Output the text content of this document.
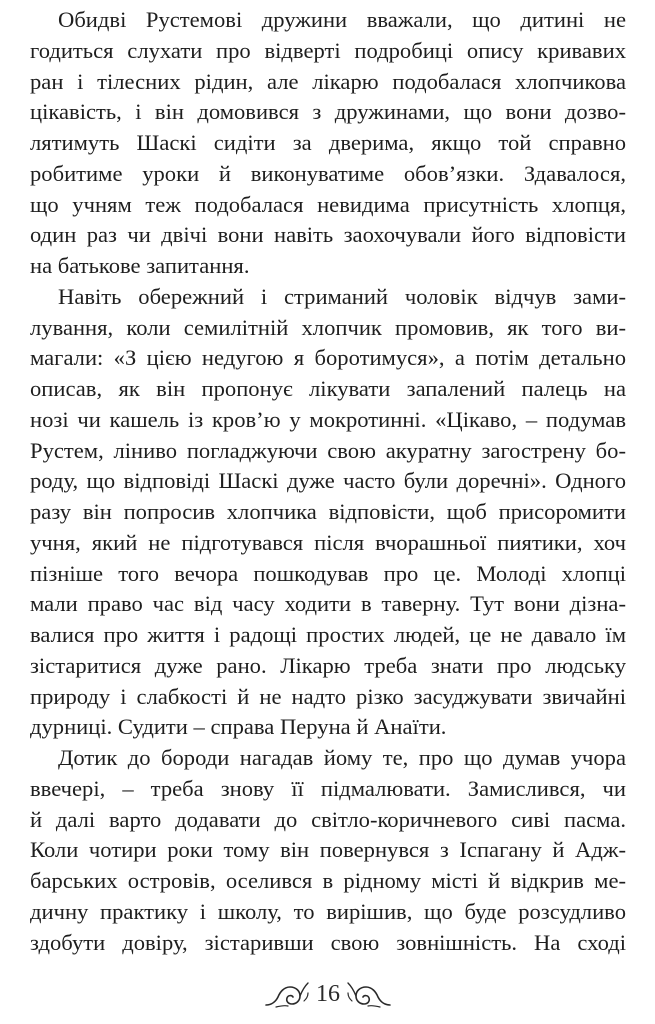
Обидві Рустемові дружини вважали, що дитині не
годиться слухати про відверті подробиці опису кривавих
ран і тілесних рідин, але лікарю подобалася хлопчикова
цікавість, і він домовився з дружинами, що вони дозво-
лятимуть Шаскі сидіти за дверима, якщо той справно
робитиме уроки й виконуватиме обов’язки. Здавалося,
що учням теж подобалася невидима присутність хлопця,
один раз чи двічі вони навіть заохочували його відповісти
на батькове запитання.

Навіть обережний і стриманий чоловік відчув зами-
лування, коли семилітній хлопчик промовив, як того ви-
магали: «З цією недугою я боротимуся», а потім детально
описав, як він пропонує лікувати запалений палець на
нозі чи кашель із кров’ю у мокротинні. «Цікаво, – подумав
Рустем, ліниво погладжуючи свою акуратну загострену бо-
роду, що відповіді Шаскі дуже часто були доречні». Одного
разу він попросив хлопчика відповісти, щоб присоромити
учня, який не підготувався після вчорашньої пиятики, хоч
пізніше того вечора пошкодував про це. Молоді хлопці
мали право час від часу ходити в таверну. Тут вони дізна-
валися про життя і радощі простих людей, це не давало їм
зістаритися дуже рано. Лікарю треба знати про людську
природу і слабкості й не надто різко засуджувати звичайні
дурниці. Судити – справа Перуна й Анаїти.

Дотик до бороди нагадав йому те, про що думав учора
ввечері, – треба знову її підмалювати. Замислився, чи
й далі варто додавати до світло-коричневого сиві пасма.
Коли чотири роки тому він повернувся з Іспагану й Адж-
барських островів, оселився в рідному місті й відкрив ме-
дичну практику і школу, то вирішив, що буде розсудливо
здобути довіру, зістаривши свою зовнішність. На сході

16
